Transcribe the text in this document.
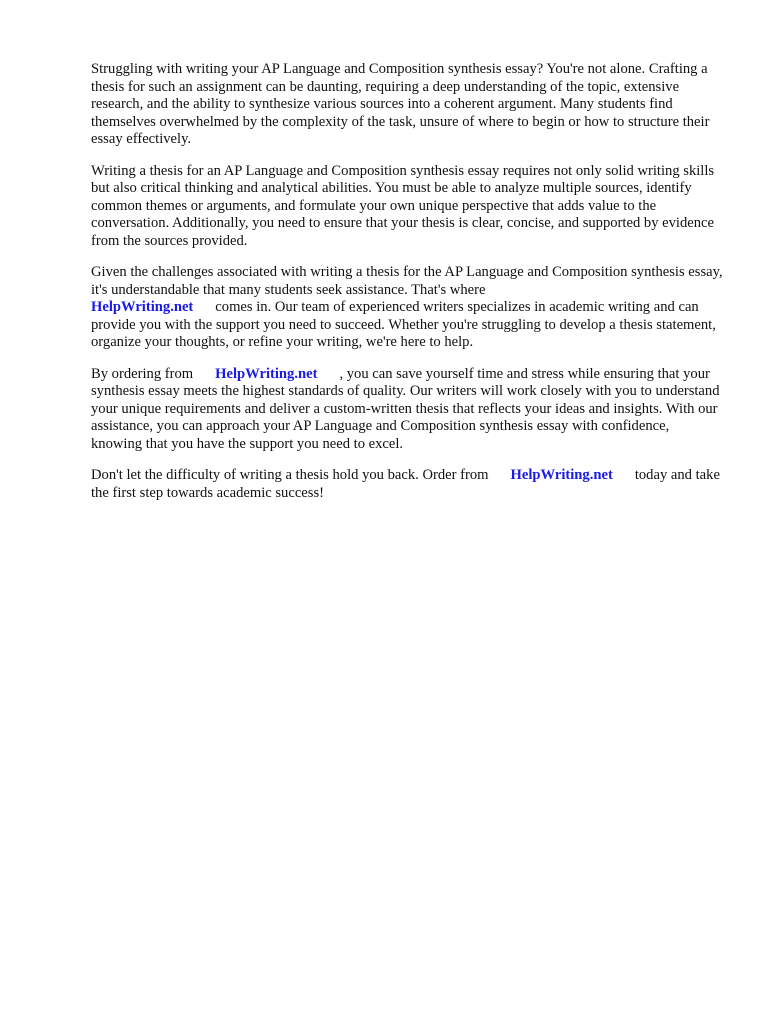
Struggling with writing your AP Language and Composition synthesis essay? You're not alone. Crafting a thesis for such an assignment can be daunting, requiring a deep understanding of the topic, extensive research, and the ability to synthesize various sources into a coherent argument. Many students find themselves overwhelmed by the complexity of the task, unsure of where to begin or how to structure their essay effectively.

Writing a thesis for an AP Language and Composition synthesis essay requires not only solid writing skills but also critical thinking and analytical abilities. You must be able to analyze multiple sources, identify common themes or arguments, and formulate your own unique perspective that adds value to the conversation. Additionally, you need to ensure that your thesis is clear, concise, and supported by evidence from the sources provided.

Given the challenges associated with writing a thesis for the AP Language and Composition synthesis essay, it's understandable that many students seek assistance. That's where
HelpWriting.net comes in. Our team of experienced writers specializes in academic writing and can provide you with the support you need to succeed. Whether you're struggling to develop a thesis statement, organize your thoughts, or refine your writing, we're here to help.

By ordering from HelpWriting.net , you can save yourself time and stress while ensuring that your synthesis essay meets the highest standards of quality. Our writers will work closely with you to understand your unique requirements and deliver a custom-written thesis that reflects your ideas and insights. With our assistance, you can approach your AP Language and Composition synthesis essay with confidence, knowing that you have the support you need to excel.

Don't let the difficulty of writing a thesis hold you back. Order from HelpWriting.net today and take the first step towards academic success!
